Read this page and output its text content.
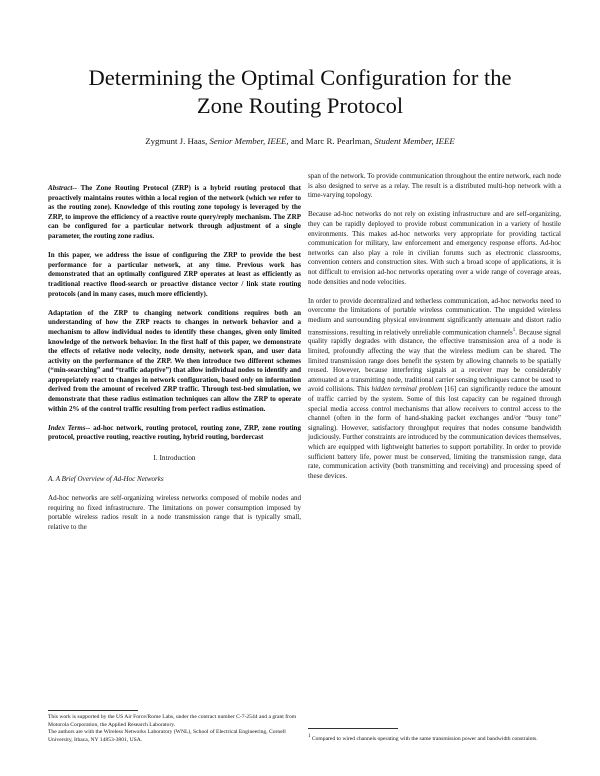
Determining the Optimal Configuration for the
Zone Routing Protocol
Zygmunt J. Haas, Senior Member, IEEE, and Marc R. Pearlman, Student Member, IEEE

Abstract-- The Zone Routing Protocol (ZRP) is a hybrid routing protocol that proactively maintains routes within a local region of the network (which we refer to as the routing zone). Knowledge of this routing zone topology is leveraged by the ZRP, to improve the efficiency of a reactive route query/reply mechanism. The ZRP can be configured for a particular network through adjustment of a single parameter, the routing zone radius.

In this paper, we address the issue of configuring the ZRP to provide the best performance for a particular network, at any time. Previous work has demonstrated that an optimally configured ZRP operates at least as efficiently as traditional reactive flood-search or proactive distance vector / link state routing protocols (and in many cases, much more efficiently).

Adaptation of the ZRP to changing network conditions requires both an understanding of how the ZRP reacts to changes in network behavior and a mechanism to allow individual nodes to identify these changes, given only limited knowledge of the network behavior. In the first half of this paper, we demonstrate the effects of relative node velocity, node density, network span, and user data activity on the performance of the ZRP. We then introduce two different schemes (“min-searching” and “traffic adaptive”) that allow individual nodes to identify and appropriately react to changes in network configuration, based only on information derived from the amount of received ZRP traffic. Through test-bed simulation, we demonstrate that these radius estimation techniques can allow the ZRP to operate within 2% of the control traffic resulting from perfect radius estimation.

Index Terms-- ad-hoc network, routing protocol, routing zone, ZRP, zone routing protocol, proactive routing, reactive routing, hybrid routing, bordercast

I. Introduction
A. A Brief Overview of Ad-Hoc Networks

Ad-hoc networks are self-organizing wireless networks composed of mobile nodes and requiring no fixed infrastructure. The limitations on power consumption imposed by portable wireless radios result in a node transmission range that is typically small, relative to the

span of the network. To provide communication throughout the entire network, each node is also designed to serve as a relay. The result is a distributed multi-hop network with a time-varying topology.

Because ad-hoc networks do not rely on existing infrastructure and are self-organizing, they can be rapidly deployed to provide robust communication in a variety of hostile environments. This makes ad-hoc networks very appropriate for providing tactical communication for military, law enforcement and emergency response efforts. Ad-hoc networks can also play a role in civilian forums such as electronic classrooms, convention centers and construction sites. With such a broad scope of applications, it is not difficult to envision ad-hoc networks operating over a wide range of coverage areas, node densities and node velocities.

In order to provide decentralized and tetherless communication, ad-hoc networks need to overcome the limitations of portable wireless communication. The unguided wireless medium and surrounding physical environment significantly attenuate and distort radio transmissions, resulting in relatively unreliable communication channels$^1$. Because signal quality rapidly degrades with distance, the effective transmission area of a node is limited, profoundly affecting the way that the wireless medium can be shared. The limited transmission range does benefit the system by allowing channels to be spatially reused. However, because interfering signals at a receiver may be considerably attenuated at a transmitting node, traditional carrier sensing techniques cannot be used to avoid collisions. This hidden terminal problem [16] can significantly reduce the amount of traffic carried by the system. Some of this lost capacity can be regained through special media access control mechanisms that allow receivers to control access to the channel (often in the form of hand-shaking packet exchanges and/or “busy tone” signaling). However, satisfactory throughput requires that nodes consume bandwidth judiciously. Further constraints are introduced by the communication devices themselves, which are equipped with lightweight batteries to support portability. In order to provide sufficient battery life, power must be conserved, limiting the transmission range, data rate, communication activity (both transmitting and receiving) and processing speed of these devices.

This work is supported by the US Air Force/Rome Labs, under the contract number C-7-2544 and a grant from Motorola Corporation, the Applied Research Laboratory.
The authors are with the Wireless Networks Laboratory (WNL), School of Electrical Engineering, Cornell University, Ithaca, NY 14853-3801, USA.
$^1$ Compared to wired channels operating with the same transmission power and bandwidth constraints.
